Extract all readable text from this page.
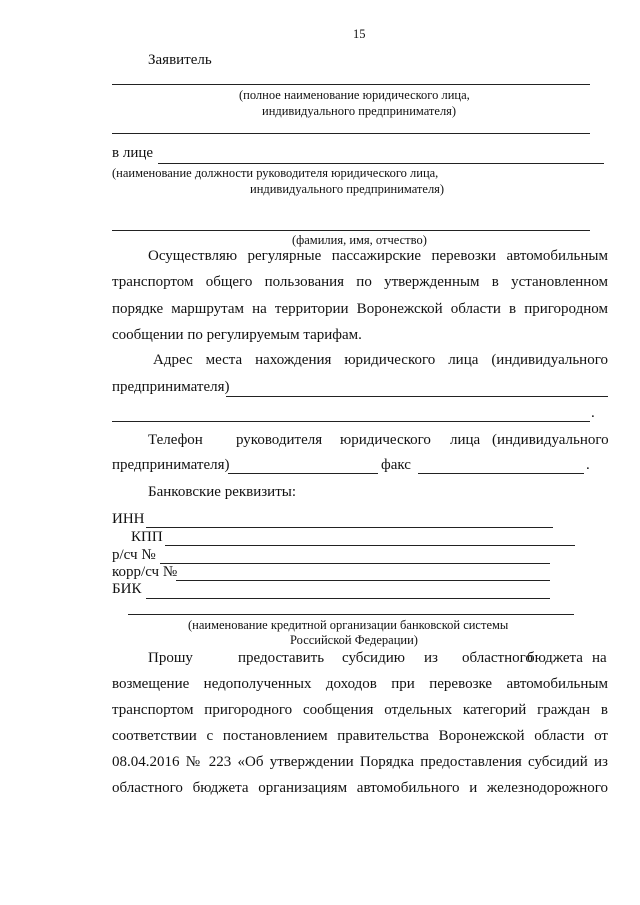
15
Заявитель
(полное наименование юридического лица,
индивидуального предпринимателя)
в лице
(наименование должности руководителя юридического лица,
индивидуального предпринимателя)
(фамилия, имя, отчество)
Осуществляю регулярные пассажирские перевозки автомобильным
транспортом общего пользования по утвержденным в установленном
порядке маршрутам на территории Воронежской области в пригородном
сообщении по регулируемым тарифам.
Адрес места нахождения юридического лица (индивидуального
предпринимателя)
.
Телефон руководителя юридического лица (индивидуального
предпринимателя)	факс	.
Банковские реквизиты:
ИНН
КПП
р/сч №
корр/сч №
БИК
(наименование кредитной организации банковской системы
Российской Федерации)
Прошу	предоставить субсидию из областного
бюджета на
возмещение недополученных доходов при перевозке автомобильным
транспортом пригородного сообщения отдельных категорий граждан в
соответствии с постановлением правительства Воронежской области от
08.04.2016 № 223 «Об утверждении Порядка предоставления субсидий из
областного бюджета организациям автомобильного и железнодорожного
